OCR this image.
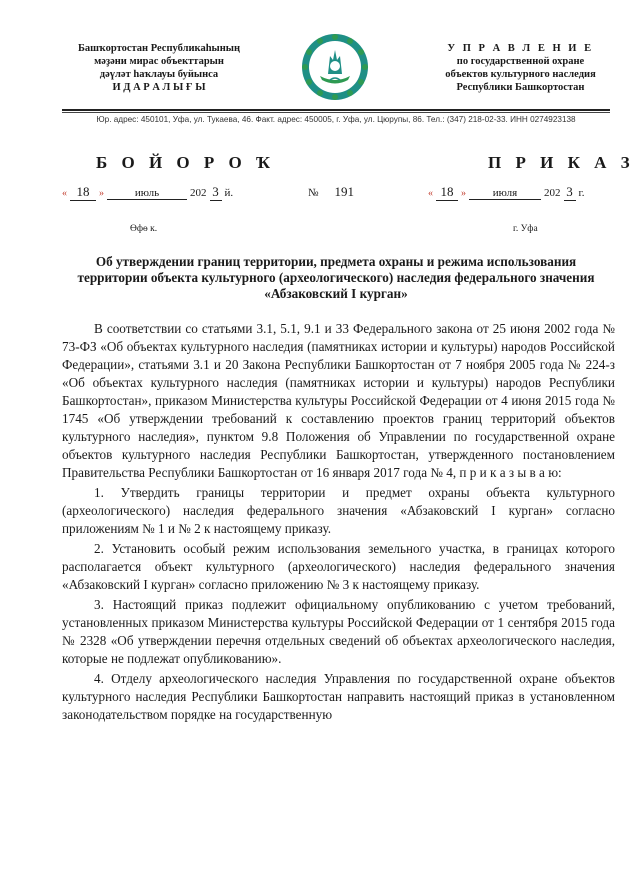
Башҡортостан Республикаһының
мәҙәни мирас объекттарын
дәүләт һаҡлауы буйынса
И Д А Р А Л Ы Ғ Ы
У П Р А В Л Е Н И Е
по государственной охране
объектов культурного наследия
Республики Башкортостан
Юр. адрес: 450101, Уфа, ул. Тукаева, 46. Факт. адрес: 450005, г. Уфа, ул. Цюрупы, 86. Тел.: (347) 218-02-33. ИНН 0274923138
Б О Й О Р О Ҡ	П Р И К А З
« 18 »	июль	202 3 й.	№ 191	« 18 » июля 202 3 г.
Өфө к.	г. Уфа
Об утверждении границ территории, предмета охраны и режима использования территории объекта культурного (археологического) наследия федерального значения «Абзаковский I курган»

В соответствии со статьями 3.1, 5.1, 9.1 и 33 Федерального закона от 25 июня 2002 года № 73-ФЗ «Об объектах культурного наследия (памятниках истории и культуры) народов Российской Федерации», статьями 3.1 и 20 Закона Республики Башкортостан от 7 ноября 2005 года № 224-з «Об объектах культурного наследия (памятниках истории и культуры) народов Республики Башкортостан», приказом Министерства культуры Российской Федерации от 4 июня 2015 года № 1745 «Об утверждении требований к составлению проектов границ территорий объектов культурного наследия», пунктом 9.8 Положения об Управлении по государственной охране объектов культурного наследия Республики Башкортостан, утвержденного постановлением Правительства Республики Башкортостан от 16 января 2017 года № 4, п р и к а з ы в а ю:

1. Утвердить границы территории и предмет охраны объекта культурного (археологического) наследия федерального значения «Абзаковский I курган» согласно приложениям № 1 и № 2 к настоящему приказу.

2. Установить особый режим использования земельного участка, в границах которого располагается объект культурного (археологического) наследия федерального значения «Абзаковский I курган» согласно приложению № 3 к настоящему приказу.

3. Настоящий приказ подлежит официальному опубликованию с учетом требований, установленных приказом Министерства культуры Российской Федерации от 1 сентября 2015 года № 2328 «Об утверждении перечня отдельных сведений об объектах археологического наследия, которые не подлежат опубликованию».

4. Отделу археологического наследия Управления по государственной охране объектов культурного наследия Республики Башкортостан направить настоящий приказ в установленном законодательством порядке на государственную
